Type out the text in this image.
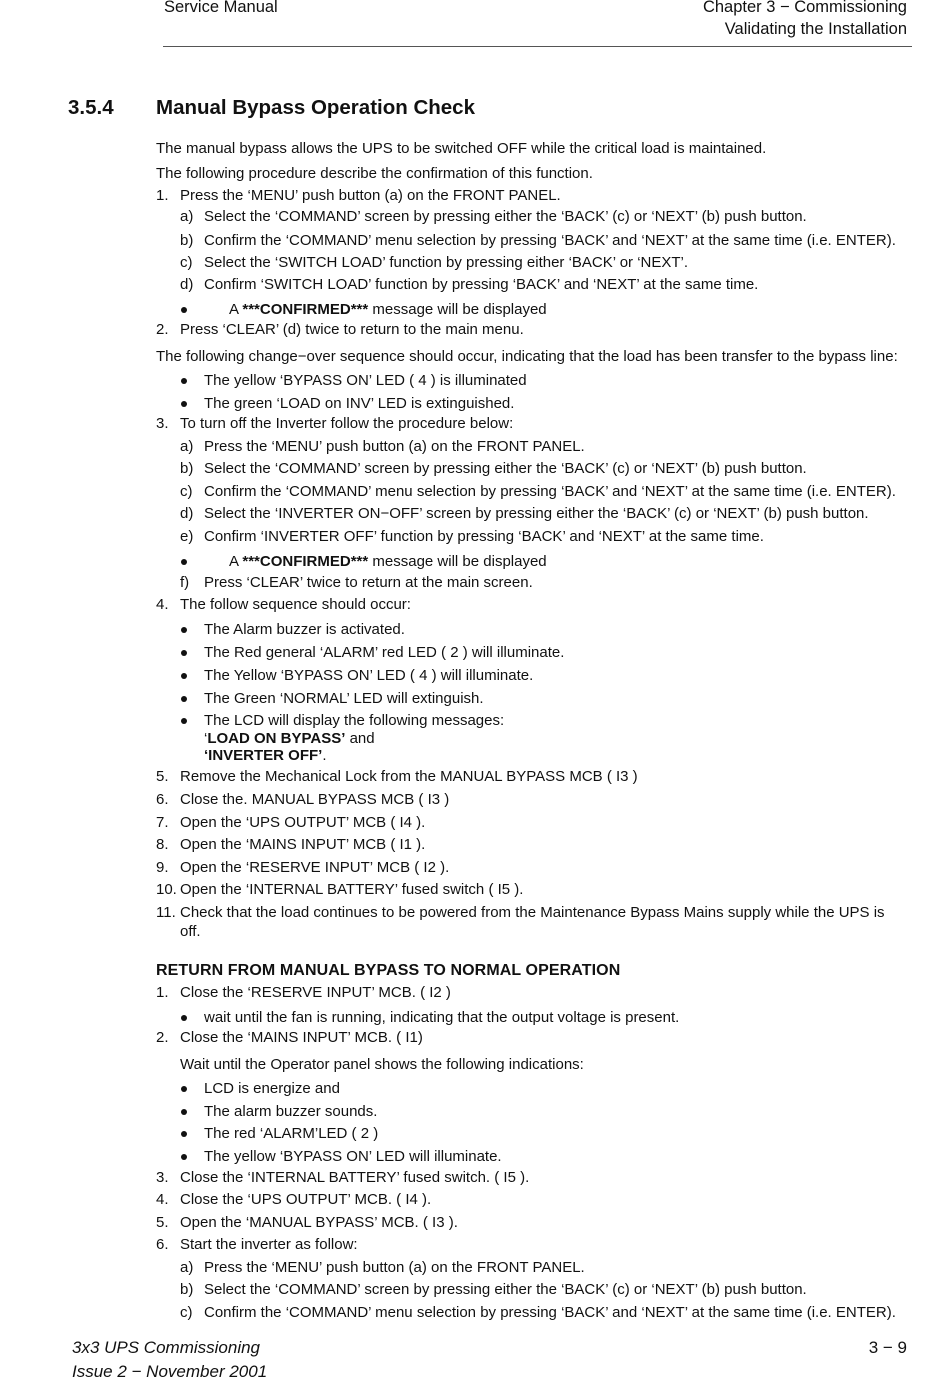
Service Manual	Chapter 3 − Commissioning
Validating the Installation
3.5.4 Manual Bypass Operation Check
The manual bypass allows the UPS to be switched OFF while the critical load is maintained.
The following procedure describe the confirmation of this function.
1. Press the ‘MENU’ push button (a) on the FRONT PANEL.
a) Select the ‘COMMAND’ screen by pressing either the ‘BACK’ (c) or ‘NEXT’ (b) push button.
b) Confirm the ‘COMMAND’ menu selection by pressing ‘BACK’ and ‘NEXT’ at the same time (i.e. ENTER).
c) Select the ‘SWITCH LOAD’ function by pressing either ‘BACK’ or ‘NEXT’.
d) Confirm ‘SWITCH LOAD’ function by pressing ‘BACK’ and ‘NEXT’ at the same time.
A ***CONFIRMED*** message will be displayed
2. Press ‘CLEAR’ (d) twice to return to the main menu.
The following change−over sequence should occur, indicating that the load has been transfer to the bypass line:
The yellow ‘BYPASS ON’ LED ( 4 ) is illuminated
The green ‘LOAD on INV’ LED is extinguished.
3. To turn off the Inverter follow the procedure below:
a) Press the ‘MENU’ push button (a) on the FRONT PANEL.
b) Select the ‘COMMAND’ screen by pressing either the ‘BACK’ (c) or ‘NEXT’ (b) push button.
c) Confirm the ‘COMMAND’ menu selection by pressing ‘BACK’ and ‘NEXT’ at the same time (i.e. ENTER).
d) Select the ‘INVERTER ON−OFF’ screen by pressing either the ‘BACK’ (c) or ‘NEXT’ (b) push button.
e) Confirm ‘INVERTER OFF’ function by pressing ‘BACK’ and ‘NEXT’ at the same time.
A ***CONFIRMED*** message will be displayed
f) Press ‘CLEAR’ twice to return at the main screen.
4. The follow sequence should occur:
The Alarm buzzer is activated.
The Red general ‘ALARM’ red LED ( 2 ) will illuminate.
The Yellow ‘BYPASS ON’ LED ( 4 ) will illuminate.
The Green ‘NORMAL’ LED will extinguish.
The LCD will display the following messages:
‘LOAD ON BYPASS’ and
‘INVERTER OFF’.
5. Remove the Mechanical Lock from the MANUAL BYPASS MCB ( I3 )
6. Close the. MANUAL BYPASS MCB ( I3 )
7. Open the ‘UPS OUTPUT’ MCB ( I4 ).
8. Open the ‘MAINS INPUT’ MCB ( I1 ).
9. Open the ‘RESERVE INPUT’ MCB ( I2 ).
10. Open the ‘INTERNAL BATTERY’ fused switch ( I5 ).
11. Check that the load continues to be powered from the Maintenance Bypass Mains supply while the UPS is
off.
RETURN FROM MANUAL BYPASS TO NORMAL OPERATION
1. Close the ‘RESERVE INPUT’ MCB. ( I2 )
wait until the fan is running, indicating that the output voltage is present.
2. Close the ‘MAINS INPUT’ MCB. ( I1)
Wait until the Operator panel shows the following indications:
LCD is energize and
The alarm buzzer sounds.
The red ‘ALARM’LED ( 2 )
The yellow ‘BYPASS ON’ LED will illuminate.
3. Close the ‘INTERNAL BATTERY’ fused switch. ( I5 ).
4. Close the ‘UPS OUTPUT’ MCB. ( I4 ).
5. Open the ‘MANUAL BYPASS’ MCB. ( I3 ).
6. Start the inverter as follow:
a) Press the ‘MENU’ push button (a) on the FRONT PANEL.
b) Select the ‘COMMAND’ screen by pressing either the ‘BACK’ (c) or ‘NEXT’ (b) push button.
c) Confirm the ‘COMMAND’ menu selection by pressing ‘BACK’ and ‘NEXT’ at the same time (i.e. ENTER).
3x3 UPS Commissioning
Issue 2 − November 2001
3 − 9
